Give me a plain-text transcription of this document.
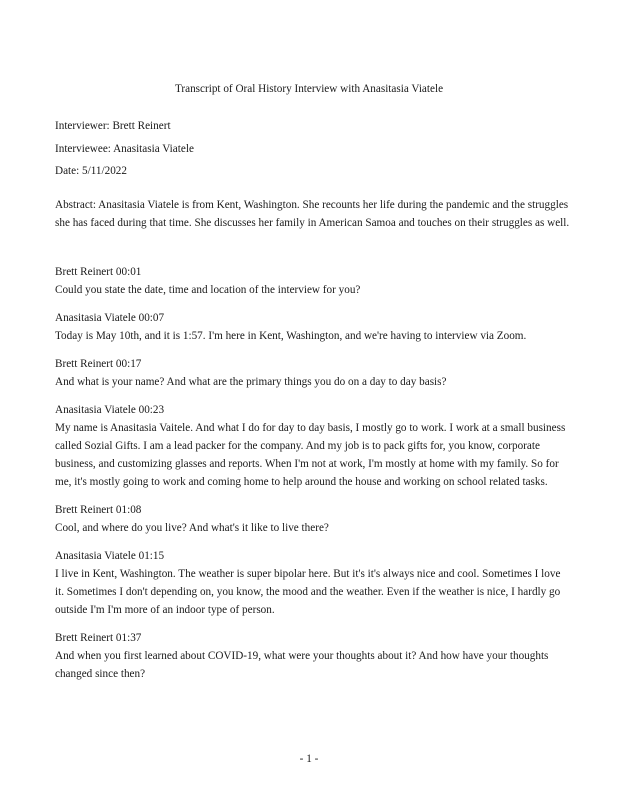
Transcript of Oral History Interview with Anasitasia Viatele

Interviewer: Brett Reinert

Interviewee: Anasitasia Viatele

Date: 5/11/2022

Abstract: Anasitasia Viatele is from Kent, Washington. She recounts her life during the pandemic and the struggles she has faced during that time. She discusses her family in American Samoa and touches on their struggles as well.

Brett Reinert 00:01
Could you state the date, time and location of the interview for you?
Anasitasia Viatele 00:07
Today is May 10th, and it is 1:57. I'm here in Kent, Washington, and we're having to interview via Zoom.
Brett Reinert 00:17
And what is your name? And what are the primary things you do on a day to day basis?
Anasitasia Viatele 00:23
My name is Anasitasia Vaitele. And what I do for day to day basis, I mostly go to work. I work at a small business called Sozial Gifts. I am a lead packer for the company. And my job is to pack gifts for, you know, corporate business, and customizing glasses and reports. When I'm not at work, I'm mostly at home with my family. So for me, it's mostly going to work and coming home to help around the house and working on school related tasks.
Brett Reinert 01:08
Cool, and where do you live? And what's it like to live there?
Anasitasia Viatele 01:15
I live in Kent, Washington. The weather is super bipolar here. But it's it's always nice and cool. Sometimes I love it. Sometimes I don't depending on, you know, the mood and the weather. Even if the weather is nice, I hardly go outside I'm I'm more of an indoor type of person.
Brett Reinert 01:37
And when you first learned about COVID-19, what were your thoughts about it? And how have your thoughts changed since then?
- 1 -
